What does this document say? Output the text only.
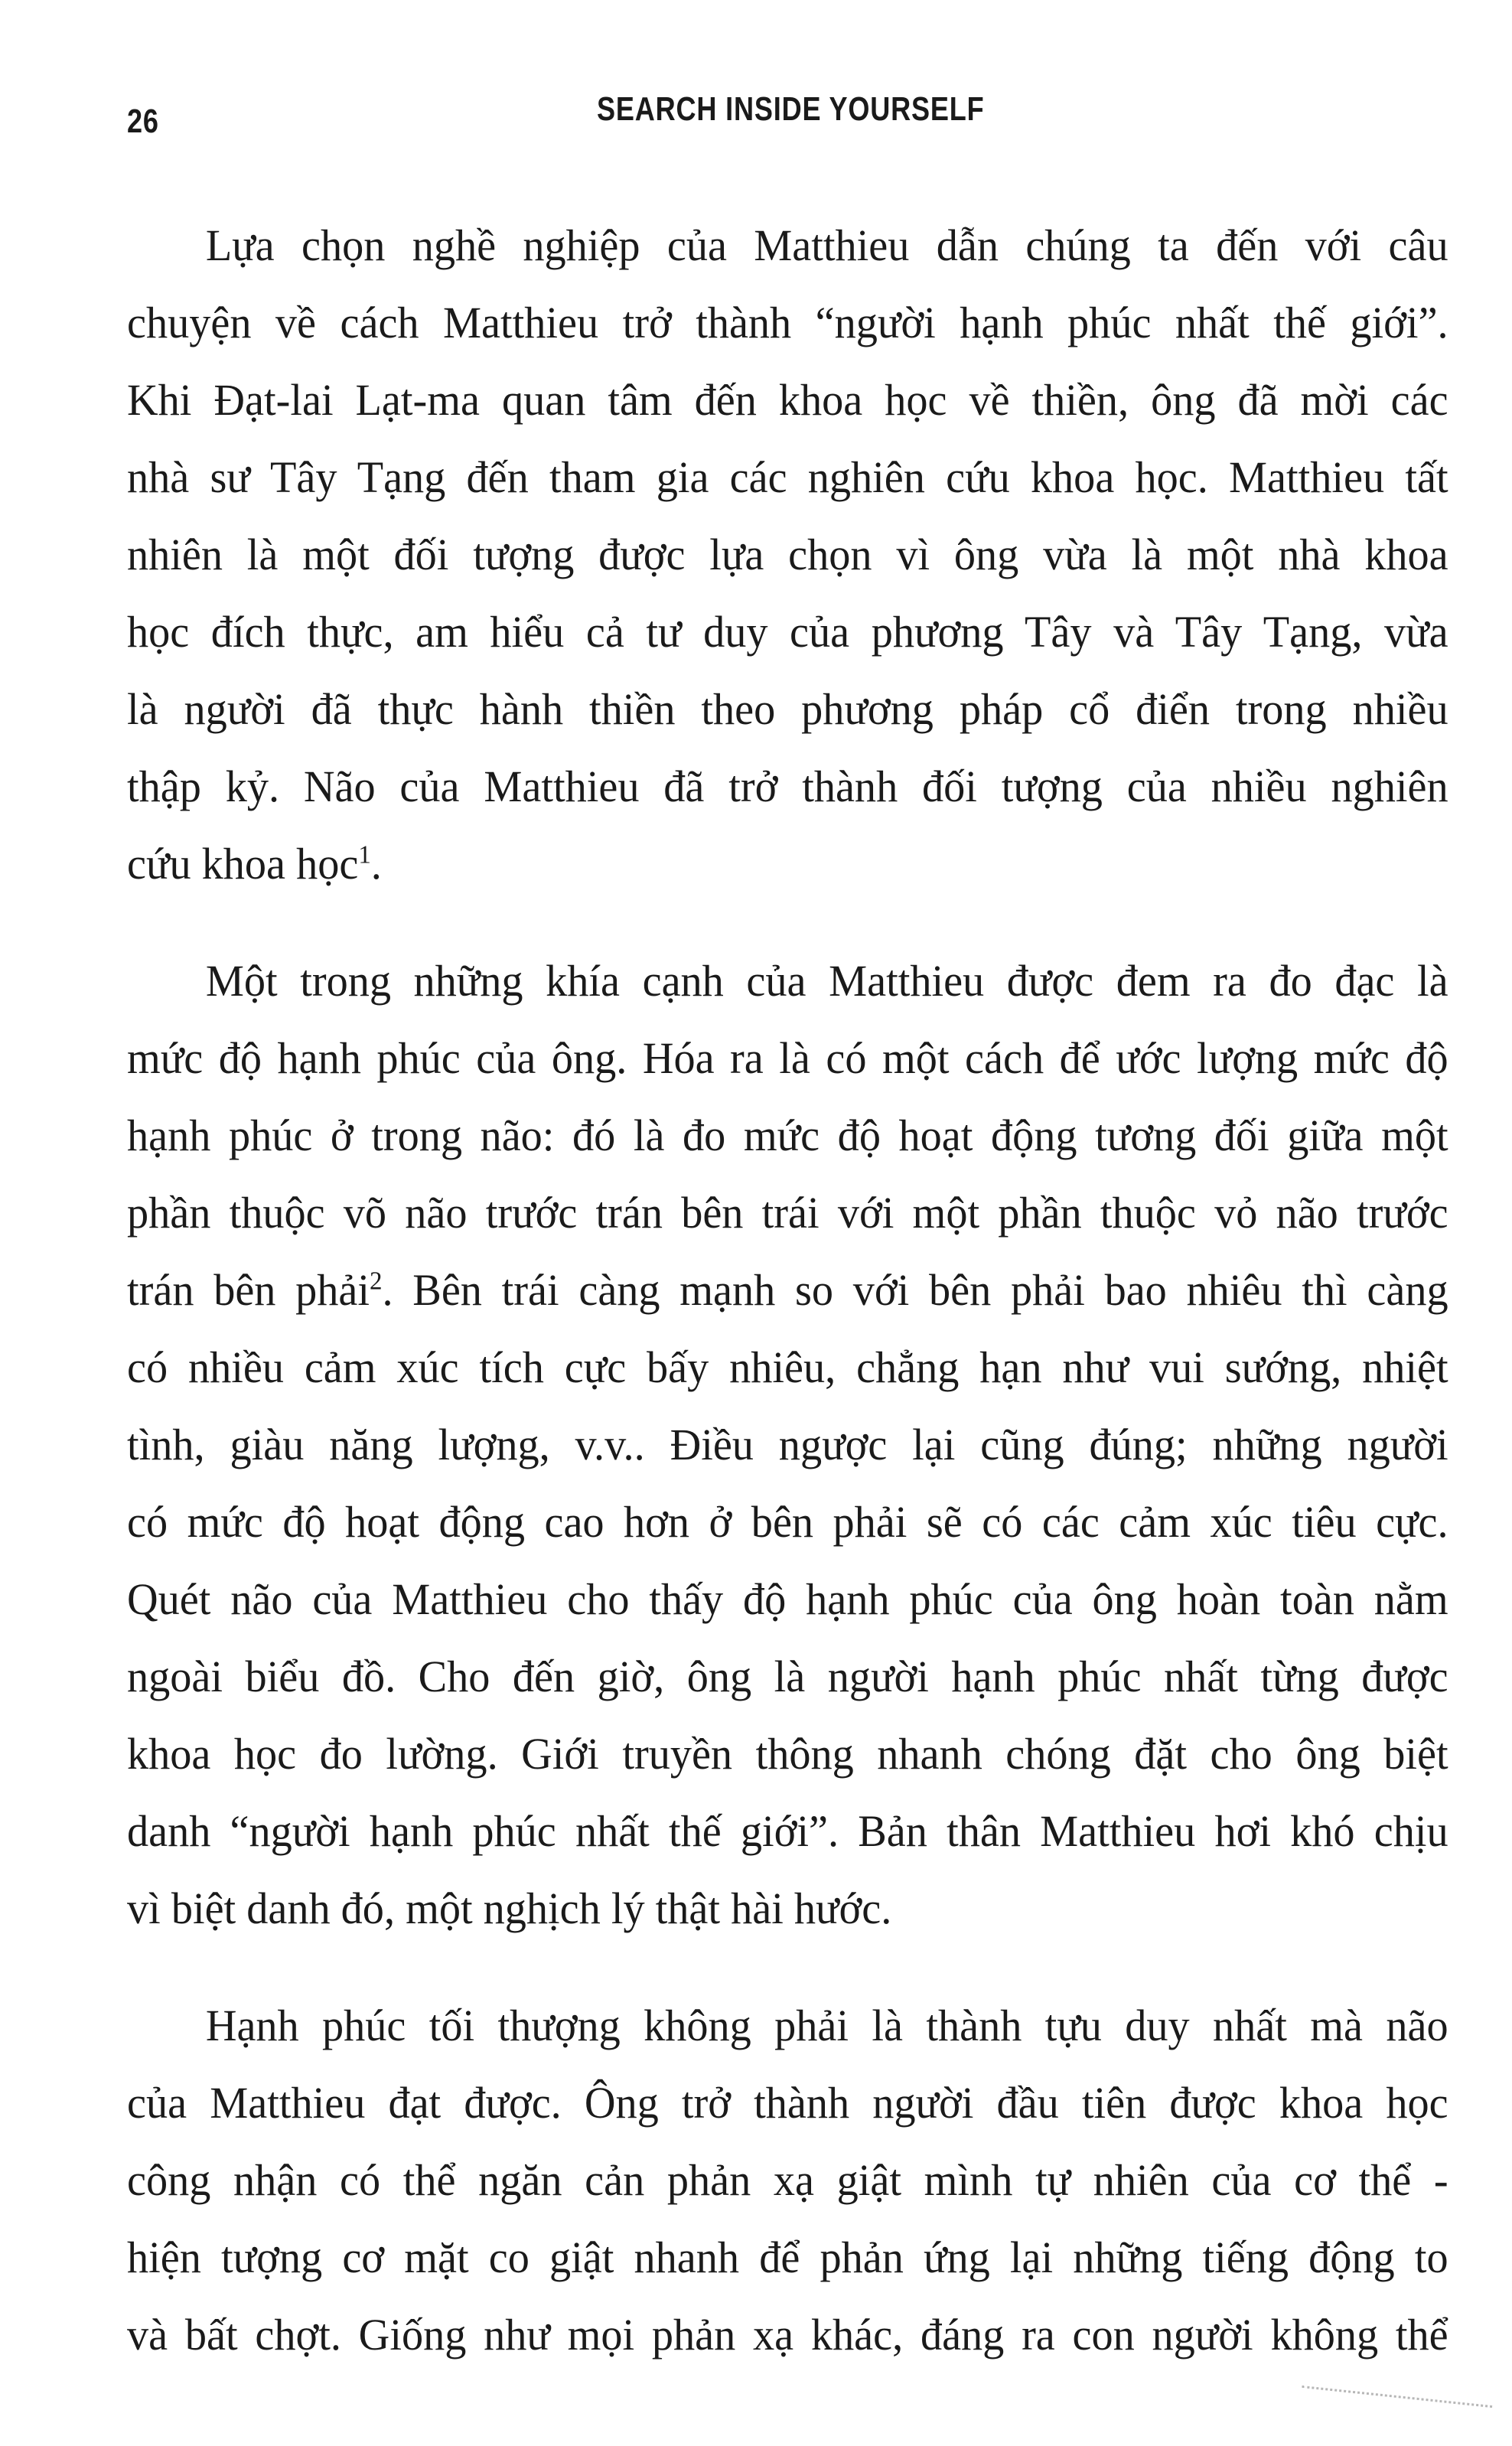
26	SEARCH INSIDE YOURSELF
Lựa chọn nghề nghiệp của Matthieu dẫn chúng ta đến với câu
chuyện về cách Matthieu trở thành “người hạnh phúc nhất thế giới”.
Khi Đạt-lai Lạt-ma quan tâm đến khoa học về thiền, ông đã mời các
nhà sư Tây Tạng đến tham gia các nghiên cứu khoa học. Matthieu tất
nhiên là một đối tượng được lựa chọn vì ông vừa là một nhà khoa
học đích thực, am hiểu cả tư duy của phương Tây và Tây Tạng, vừa
là người đã thực hành thiền theo phương pháp cổ điển trong nhiều
thập kỷ. Não của Matthieu đã trở thành đối tượng của nhiều nghiên
cứu khoa học$^1$.
Một trong những khía cạnh của Matthieu được đem ra đo đạc là
mức độ hạnh phúc của ông. Hóa ra là có một cách để ước lượng mức độ
hạnh phúc ở trong não: đó là đo mức độ hoạt động tương đối giữa một
phần thuộc võ não trước trán bên trái với một phần thuộc vỏ não trước
trán bên phải$^2$. Bên trái càng mạnh so với bên phải bao nhiêu thì càng
có nhiều cảm xúc tích cực bấy nhiêu, chẳng hạn như vui sướng, nhiệt
tình, giàu năng lượng, v.v.. Điều ngược lại cũng đúng; những người
có mức độ hoạt động cao hơn ở bên phải sẽ có các cảm xúc tiêu cực.
Quét não của Matthieu cho thấy độ hạnh phúc của ông hoàn toàn nằm
ngoài biểu đồ. Cho đến giờ, ông là người hạnh phúc nhất từng được
khoa học đo lường. Giới truyền thông nhanh chóng đặt cho ông biệt
danh “người hạnh phúc nhất thế giới”. Bản thân Matthieu hơi khó chịu
vì biệt danh đó, một nghịch lý thật hài hước.
Hạnh phúc tối thượng không phải là thành tựu duy nhất mà não
của Matthieu đạt được. Ông trở thành người đầu tiên được khoa học
công nhận có thể ngăn cản phản xạ giật mình tự nhiên của cơ thể -
hiện tượng cơ mặt co giật nhanh để phản ứng lại những tiếng động to
và bất chợt. Giống như mọi phản xạ khác, đáng ra con người không thể
